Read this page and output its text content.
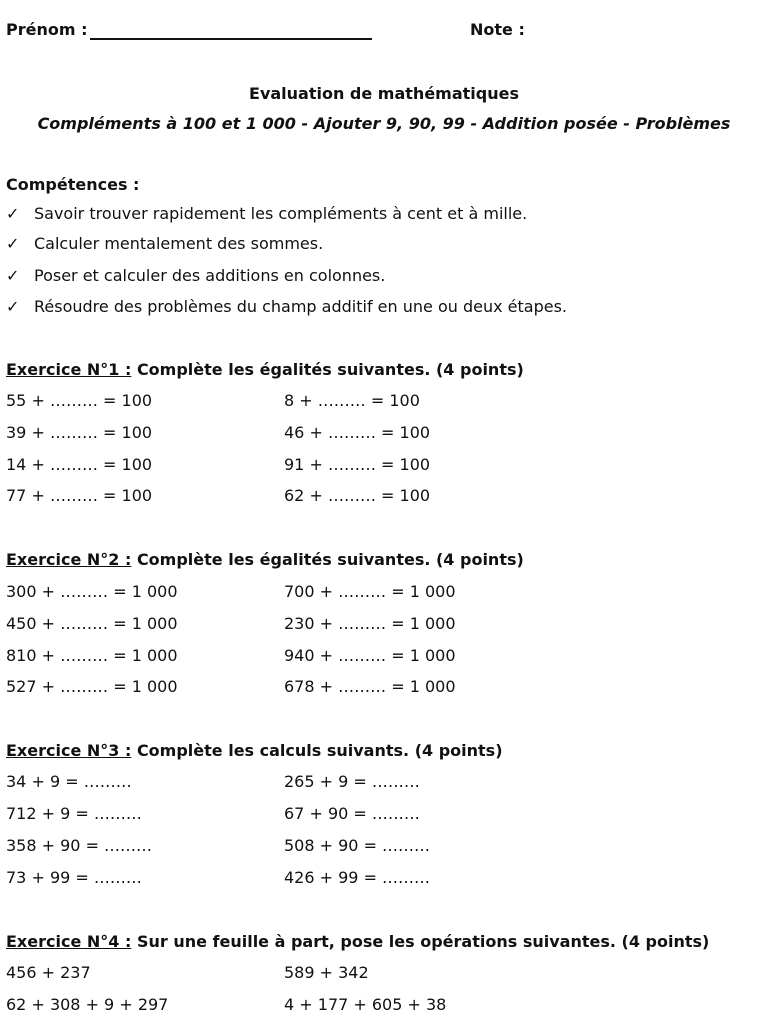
Prénom :	Note :
Evaluation de mathématiques
Compléments à 100 et 1 000 - Ajouter 9, 90, 99 - Addition posée - Problèmes
Compétences :
✓ Savoir trouver rapidement les compléments à cent et à mille.
✓ Calculer mentalement des sommes.
✓ Poser et calculer des additions en colonnes.
✓ Résoudre des problèmes du champ additif en une ou deux étapes.
Exercice N°1 : Complète les égalités suivantes. (4 points)
55 + ……… = 100	8 + ……… = 100
39 + ……… = 100	46 + ……… = 100
14 + ……… = 100	91 + ……… = 100
77 + ……… = 100	62 + ……… = 100
Exercice N°2 : Complète les égalités suivantes. (4 points)
300 + ……… = 1 000	700 + ……… = 1 000
450 + ……… = 1 000	230 + ……… = 1 000
810 + ……… = 1 000	940 + ……… = 1 000
527 + ……… = 1 000	678 + ……… = 1 000
Exercice N°3 : Complète les calculs suivants. (4 points)
34 + 9 = ………	265 + 9 = ………
712 + 9 = ………	67 + 90 = ………
358 + 90 = ………	508 + 90 = ………
73 + 99 = ………	426 + 99 = ………
Exercice N°4 : Sur une feuille à part, pose les opérations suivantes. (4 points)
456 + 237	589 + 342
62 + 308 + 9 + 297	4 + 177 + 605 + 38
